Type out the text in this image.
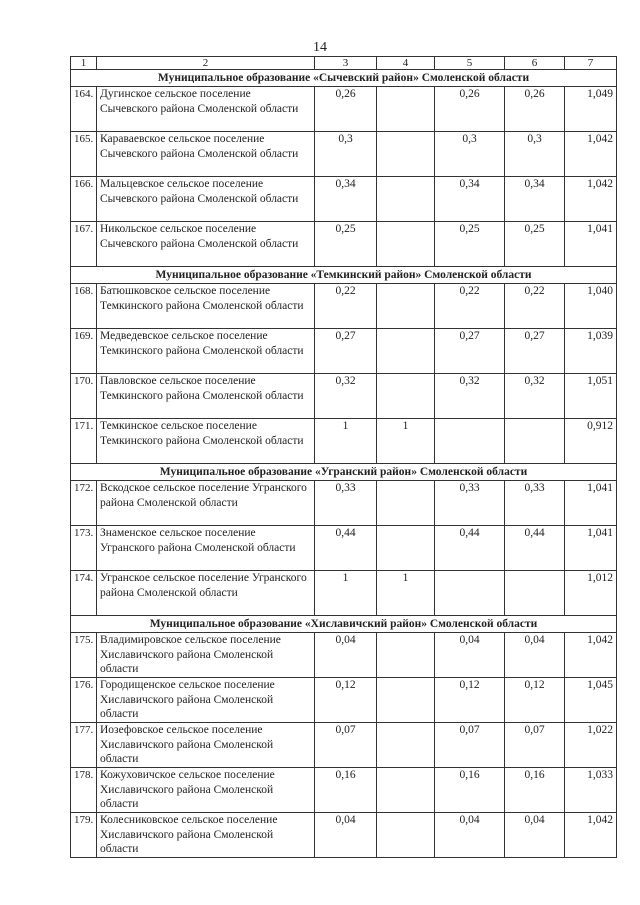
14
1	2	3	4	5	6	7
Муниципальное образование «Сычевский район» Смоленской области						
164.	Дугинское сельское поселение Сычевского района Смоленской области	0,26		0,26	0,26	1,049
165.	Караваевское сельское поселение Сычевского района Смоленской области	0,3		0,3	0,3	1,042
166.	Мальцевское сельское поселение Сычевского района Смоленской области	0,34		0,34	0,34	1,042
167.	Никольское сельское поселение Сычевского района Смоленской области	0,25		0,25	0,25	1,041
Муниципальное образование «Темкинский район» Смоленской области						
168.	Батюшковское сельское поселение Темкинского района Смоленской области	0,22		0,22	0,22	1,040
169.	Медведевское сельское поселение Темкинского района Смоленской области	0,27		0,27	0,27	1,039
170.	Павловское сельское поселение Темкинского района Смоленской области	0,32		0,32	0,32	1,051
171.	Темкинское сельское поселение Темкинского района Смоленской области	1	1			0,912
Муниципальное образование «Угранский район» Смоленской области						
172.	Вскодское сельское поселение Угранского района Смоленской области	0,33		0,33	0,33	1,041
173.	Знаменское сельское поселение Угранского района Смоленской области	0,44		0,44	0,44	1,041
174.	Угранское сельское поселение Угранского района Смоленской области	1	1			1,012
Муниципальное образование «Хиславичский район» Смоленской области						
175.	Владимировское сельское поселение Хиславичского района Смоленской области	0,04		0,04	0,04	1,042
176.	Городищенское сельское поселение Хиславичского района Смоленской области	0,12		0,12	0,12	1,045
177.	Иозефовское сельское поселение Хиславичского района Смоленской области	0,07		0,07	0,07	1,022
178.	Кожуховичское сельское поселение Хиславичского района Смоленской области	0,16		0,16	0,16	1,033
179.	Колесниковское сельское поселение Хиславичского района Смоленской области	0,04		0,04	0,04	1,042
